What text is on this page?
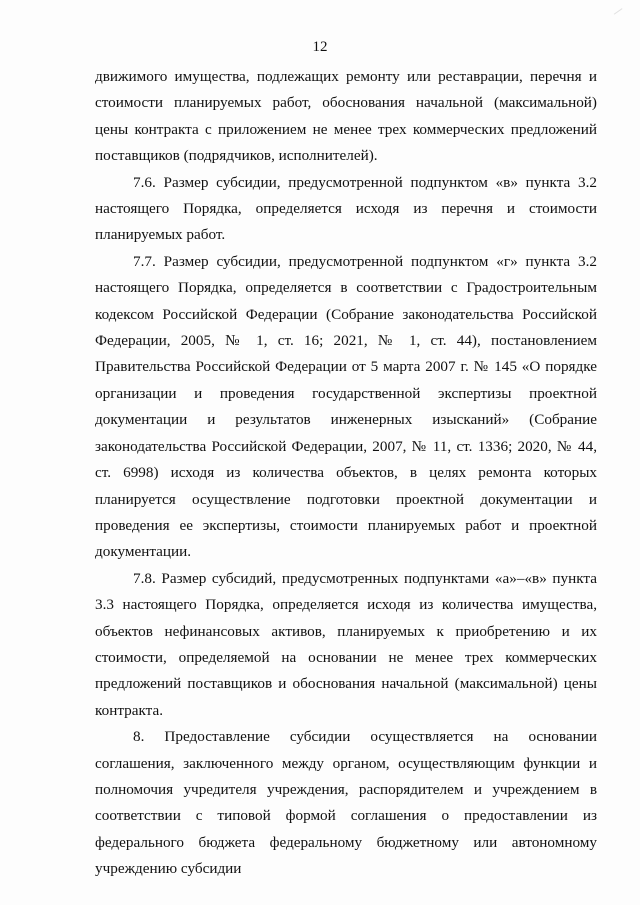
12

движимого имущества, подлежащих ремонту или реставрации, перечня и стоимости планируемых работ, обоснования начальной (максимальной) цены контракта с приложением не менее трех коммерческих предложений поставщиков (подрядчиков, исполнителей).

7.6. Размер субсидии, предусмотренной подпунктом «в» пункта 3.2 настоящего Порядка, определяется исходя из перечня и стоимости планируемых работ.

7.7. Размер субсидии, предусмотренной подпунктом «г» пункта 3.2 настоящего Порядка, определяется в соответствии с Градостроительным кодексом Российской Федерации (Собрание законодательства Российской Федерации, 2005, № 1, ст. 16; 2021, № 1, ст. 44), постановлением Правительства Российской Федерации от 5 марта 2007 г. № 145 «О порядке организации и проведения государственной экспертизы проектной документации и результатов инженерных изысканий» (Собрание законодательства Российской Федерации, 2007, № 11, ст. 1336; 2020, № 44, ст. 6998) исходя из количества объектов, в целях ремонта которых планируется осуществление подготовки проектной документации и проведения ее экспертизы, стоимости планируемых работ и проектной документации.

7.8. Размер субсидий, предусмотренных подпунктами «а»–«в» пункта 3.3 настоящего Порядка, определяется исходя из количества имущества, объектов нефинансовых активов, планируемых к приобретению и их стоимости, определяемой на основании не менее трех коммерческих предложений поставщиков и обоснования начальной (максимальной) цены контракта.

8. Предоставление субсидии осуществляется на основании соглашения, заключенного между органом, осуществляющим функции и полномочия учредителя учреждения, распорядителем и учреждением в соответствии с типовой формой соглашения о предоставлении из федерального бюджета федеральному бюджетному или автономному учреждению субсидии
